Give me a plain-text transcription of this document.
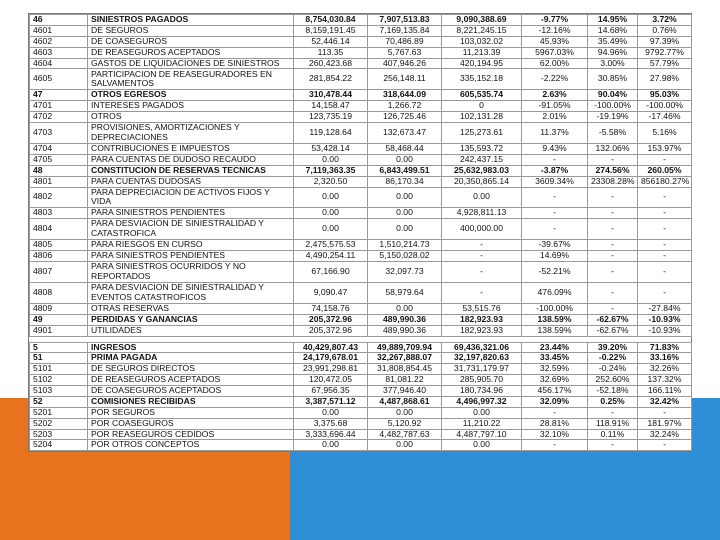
46	SINIESTROS PAGADOS	8,754,030.84	7,907,513.83	9,090,388.69	-9.77%	14.95%	3.72%
4601	DE SEGUROS	8,159,191.45	7,169,135.84	8,221,245.15	-12.16%	14.68%	0.76%
4602	DE COASEGUROS	52,446.14	70,486.89	103,032.02	45.93%	35.49%	97.39%
4603	DE REASEGUROS ACEPTADOS	113.35	5,767.63	11,213.39	5967.03%	94.96%	9792.77%
4604	GASTOS DE LIQUIDACIONES DE SINIESTROS	260,423.68	407,946.26	420,194.95	62.00%	3.00%	57.79%
4605	PARTICIPACION DE REASEGURADORES EN SALVAMENTOS	281,854.22	256,148.11	335,152.18	-2.22%	30.85%	27.98%
47	OTROS EGRESOS	310,478.44	318,644.09	605,535.74	2.63%	90.04%	95.03%
4701	INTERESES PAGADOS	14,158.47	1,266.72	0	-91.05%	-100.00%	-100.00%
4702	OTROS	123,735.19	126,725.46	102,131.28	2.01%	-19.19%	-17.46%
4703	PROVISIONES, AMORTIZACIONES Y DEPRECIACIONES	119,128.64	132,673.47	125,273.61	11.37%	-5.58%	5.16%
4704	CONTRIBUCIONES E IMPUESTOS	53,428.14	58,468.44	135,593.72	9.43%	132.06%	153.97%
4705	PARA CUENTAS DE DUDOSO RECAUDO	0.00	0.00	242,437.15	-	-	-
48	CONSTITUCION DE RESERVAS TECNICAS	7,119,363.35	6,843,499.51	25,632,983.03	-3.87%	274.56%	260.05%
4801	PARA CUENTAS DUDOSAS	2,320.50	86,170.34	20,350,865.14	3609.34%	23308.28%	856180.27%
4802	PARA DEPRECIACION DE ACTIVOS FIJOS Y VIDA	0.00	0.00	0.00	-	-	-
4803	PARA SINIESTROS PENDIENTES	0.00	0.00	4,928,811.13	-	-	-
4804	PARA DESVIACION DE SINIESTRALIDAD Y CATASTROFICA	0.00	0.00	400,000.00	-	-	-
4805	PARA RIESGOS EN CURSO	2,475,575.53	1,510,214.73	-	-39.67%	-	-
4806	PARA SINIESTROS PENDIENTES	4,490,254.11	5,150,028.02	-	14.69%	-	-
4807	PARA SINIESTROS OCURRIDOS Y NO REPORTADOS	67,166.90	32,097.73	-	-52.21%	-	-
4808	PARA DESVIACION DE SINIESTRALIDAD Y EVENTOS CATASTROFICOS	9,090.47	58,979.64	-	476.09%	-	-
4809	OTRAS RESERVAS	74,158.76	0.00	53,515.76	-100.00%	-	-27.84%
49	PERDIDAS Y GANANCIAS	205,372.96	489,990.36	182,923.93	138.59%	-62.67%	-10.93%
4901	UTILIDADES	205,372.96	489,990.36	182,923.93	138.59%	-62.67%	-10.93%

5	INGRESOS	40,429,807.43	49,889,709.94	69,436,321.06	23.44%	39.20%	71.83%
51	PRIMA PAGADA	24,179,678.01	32,267,888.07	32,197,820.63	33.45%	-0.22%	33.16%
5101	DE SEGUROS DIRECTOS	23,991,298.81	31,808,854.45	31,731,179.97	32.59%	-0.24%	32.26%
5102	DE REASEGUROS ACEPTADOS	120,472.05	81,081.22	285,905.70	32.69%	252.60%	137.32%
5103	DE COASEGUROS ACEPTADOS	67,956.35	377,946.40	180,734.96	456.17%	-52.18%	166.11%
52	COMISIONES RECIBIDAS	3,387,571.12	4,487,868.61	4,496,997.32	32.09%	0.25%	32.42%
5201	POR SEGUROS	0.00	0.00	0.00	-	-	-
5202	POR COASEGUROS	3,375.68	5,120.92	11,210.22	28.81%	118.91%	181.97%
5203	POR REASEGUROS CEDIDOS	3,333,696.44	4,482,787.63	4,487,797.10	32.10%	0.11%	32.24%
5204	POR OTROS CONCEPTOS	0.00	0.00	0.00	-	-	-
